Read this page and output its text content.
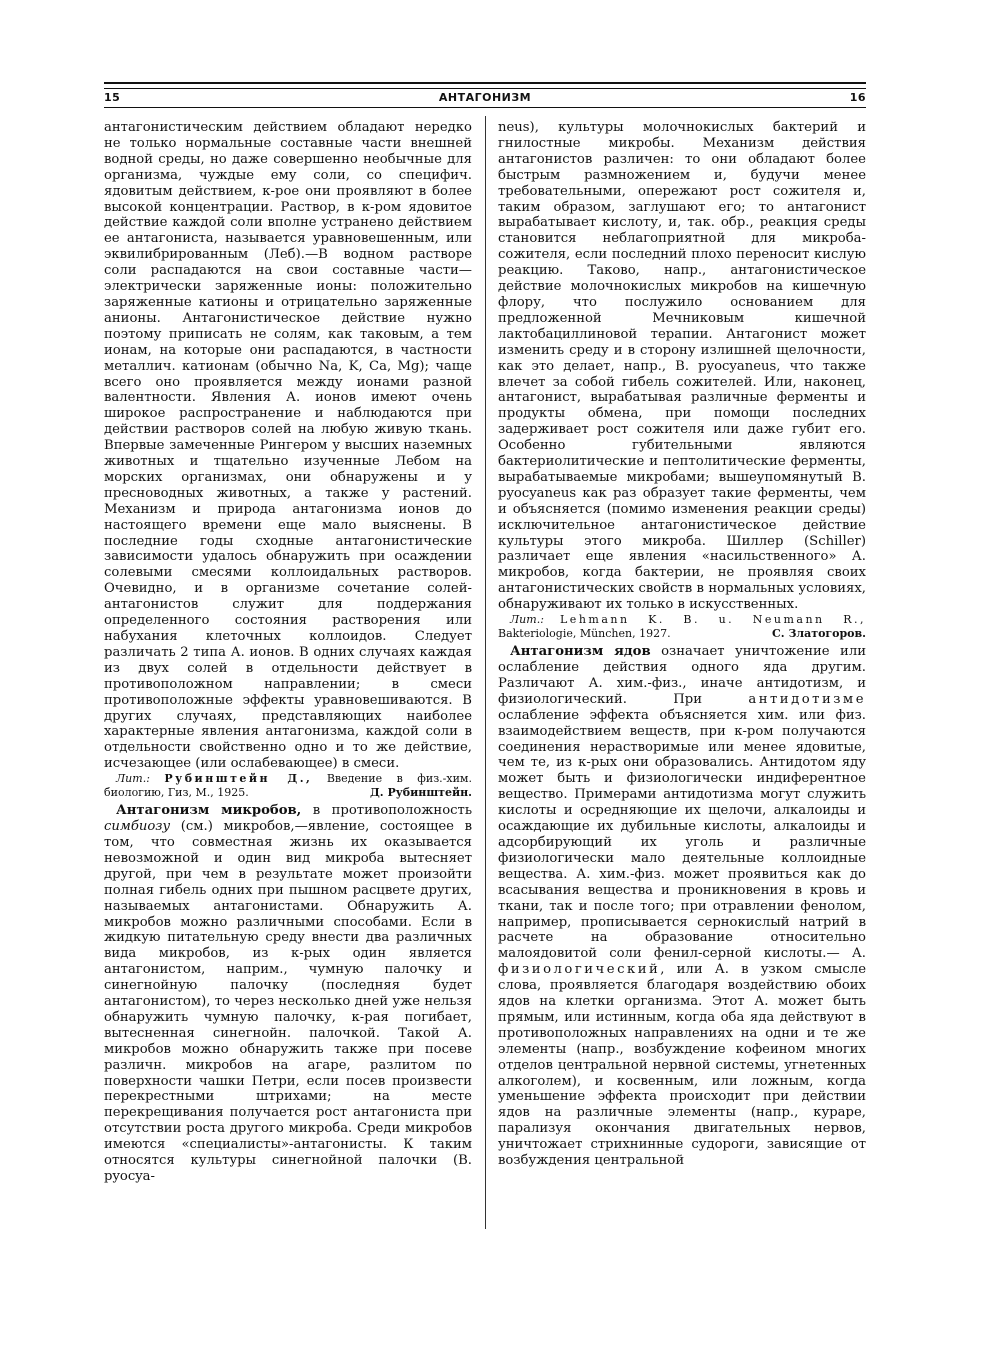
15	АНТАГОНИЗМ	16

антагонистическим действием обладают нередко не только нормальные составные части внешней водной среды, но даже совершенно необычные для организма, чуждые ему соли, со специфич. ядовитым действием, к-рое они проявляют в более высокой концентрации. Раствор, в к-ром ядовитое действие каждой соли вполне устранено действием ее антагониста, называется уравновешенным, или эквилибрированным (Леб).—В водном растворе соли распадаются на свои составные части—электрически заряженные ионы: положительно заряженные катионы и отрицательно заряженные анионы. Антагонистическое действие нужно поэтому приписать не солям, как таковым, а тем ионам, на которые они распадаются, в частности металлич. катионам (обычно Na, K, Ca, Mg); чаще всего оно проявляется между ионами разной валентности. Явления А. ионов имеют очень широкое распространение и наблюдаются при действии растворов солей на любую живую ткань. Впервые замеченные Рингером у высших наземных животных и тщательно изученные Лебом на морских организмах, они обнаружены и у пресноводных животных, а также у растений. Механизм и природа антагонизма ионов до настоящего времени еще мало выяснены. В последние годы сходные антагонистические зависимости удалось обнаружить при осаждении солевыми смесями коллоидальных растворов. Очевидно, и в организме сочетание солей-антагонистов служит для поддержания определенного состояния растворения или набухания клеточных коллоидов. Следует различать 2 типа А. ионов. В одних случаях каждая из двух солей в отдельности действует в противоположном направлении; в смеси противоположные эффекты уравновешиваются. В других случаях, представляющих наиболее характерные явления антагонизма, каждой соли в отдельности свойственно одно и то же действие, исчезающее (или ослабевающее) в смеси.

Лит.: Рубинштейн Д., Введение в физ.-хим. биологию, Гиз, М., 1925.	Д. Рубинштейн.

Антагонизм микробов, в противоположность симбиозу (см.) микробов,—явление, состоящее в том, что совместная жизнь их оказывается невозможной и один вид микроба вытесняет другой, при чем в результате может произойти полная гибель одних при пышном расцвете других, называемых антагонистами. Обнаружить А. микробов можно различными способами. Если в жидкую питательную среду внести два различных вида микробов, из к-рых один является антагонистом, наприм., чумную палочку и синегнойную палочку (последняя будет антагонистом), то через несколько дней уже нельзя обнаружить чумную палочку, к-рая погибает, вытесненная синегнойн. палочкой. Такой А. микробов можно обнаружить также при посеве различн. микробов на агаре, разлитом по поверхности чашки Петри, если посев произвести перекрестными штрихами; на месте перекрещивания получается рост антагониста при отсутствии роста другого микроба. Среди микробов имеются «специалисты»-антагонисты. К таким относятся культуры синегнойной палочки (B. pyocya-

neus), культуры молочнокислых бактерий и гнилостные микробы. Механизм действия антагонистов различен: то они обладают более быстрым размножением и, будучи менее требовательными, опережают рост сожителя и, таким образом, заглушают его; то антагонист вырабатывает кислоту, и, так. обр., реакция среды становится неблагоприятной для микроба-сожителя, если последний плохо переносит кислую реакцию. Таково, напр., антагонистическое действие молочнокислых микробов на кишечную флору, что послужило основанием для предложенной Мечниковым кишечной лактобациллиновой терапии. Антагонист может изменить среду и в сторону излишней щелочности, как это делает, напр., B. pyocyaneus, что также влечет за собой гибель сожителей. Или, наконец, антагонист, вырабатывая различные ферменты и продукты обмена, при помощи последних задерживает рост сожителя или даже губит его. Особенно губительными являются бактериолитические и пептолитические ферменты, вырабатываемые микробами; вышеупомянутый B. pyocyaneus как раз образует такие ферменты, чем и объясняется (помимо изменения реакции среды) исключительное антагонистическое действие культуры этого микроба. Шиллер (Schiller) различает еще явления «насильственного» А. микробов, когда бактерии, не проявляя своих антагонистических свойств в нормальных условиях, обнаруживают их только в искусственных.

Лит.: Lehmann K. B. u. Neumann R., Bakteriologie, München, 1927.	С. Златогоров.

Антагонизм ядов означает уничтожение или ослабление действия одного яда другим. Различают А. хим.-физ., иначе антидотизм, и физиологический. При антидотизме ослабление эффекта объясняется хим. или физ. взаимодействием веществ, при к-ром получаются соединения нерастворимые или менее ядовитые, чем те, из к-рых они образовались. Антидотом яду может быть и физиологически индиферентное вещество. Примерами антидотизма могут служить кислоты и осредняющие их щелочи, алкалоиды и осаждающие их дубильные кислоты, алкалоиды и адсорбирующий их уголь и различные физиологически мало деятельные коллоидные вещества. А. хим.-физ. может проявиться как до всасывания вещества и проникновения в кровь и ткани, так и после того; при отравлении фенолом, например, прописывается сернокислый натрий в расчете на образование относительно малоядовитой соли фенил-серной кислоты.— А. физиологический, или А. в узком смысле слова, проявляется благодаря воздействию обоих ядов на клетки организма. Этот А. может быть прямым, или истинным, когда оба яда действуют в противоположных направлениях на одни и те же элементы (напр., возбуждение кофеином многих отделов центральной нервной системы, угнетенных алкоголем), и косвенным, или ложным, когда уменьшение эффекта происходит при действии ядов на различные элементы (напр., кураре, парализуя окончания двигательных нервов, уничтожает стрихнинные судороги, зависящие от возбуждения центральной
